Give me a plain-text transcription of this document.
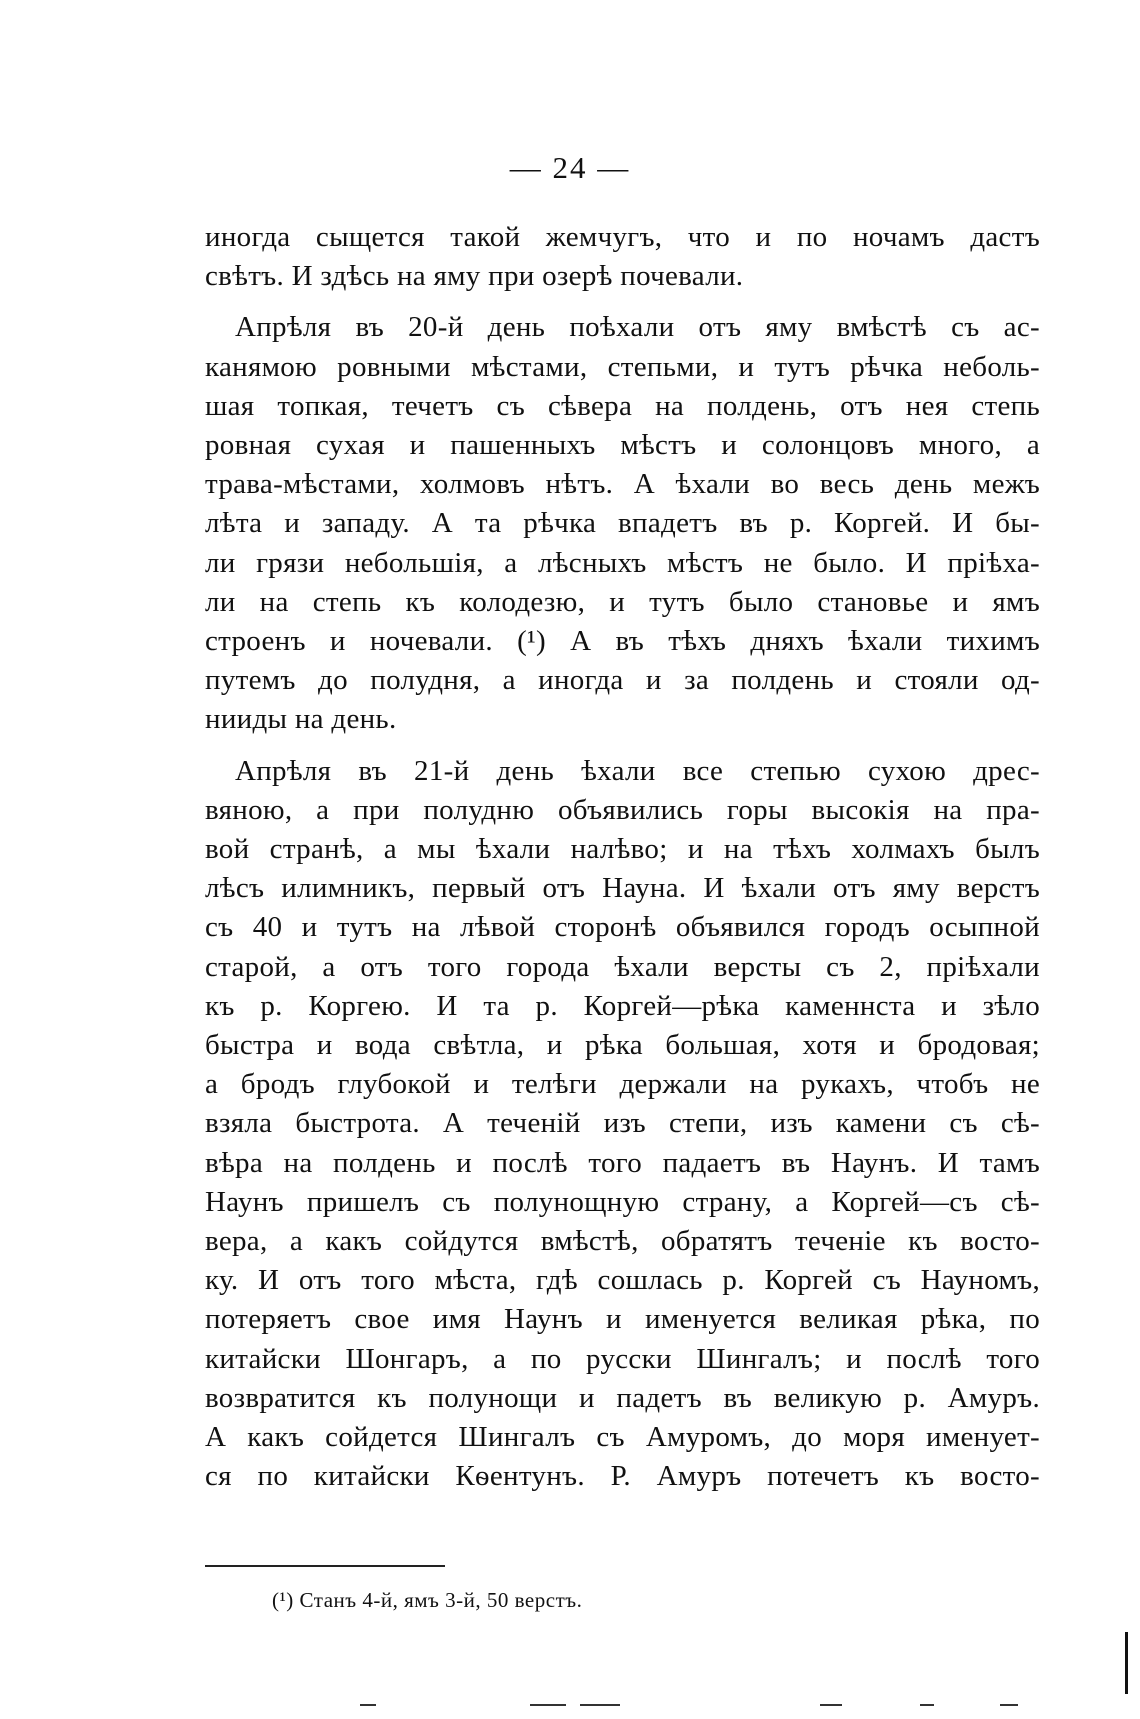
— 24 —
иногда сыщется такой жемчугъ, что и по ночамъ дастъ
свѣтъ. И здѣсь на яму при озерѣ почевали.
Апрѣля въ 20-й день поѣхали отъ яму вмѣстѣ съ ас-
канямою ровными мѣстами, степьми, и тутъ рѣчка неболь-
шая топкая, течетъ съ сѣвера на полдень, отъ нея степь
ровная сухая и пашенныхъ мѣстъ и солонцовъ много, а
трава-мѣстами, холмовъ нѣтъ. А ѣхали во весь день межъ
лѣта и западу. А та рѣчка впадетъ въ р. Коргей. И бы-
ли грязи небольшія, а лѣсныхъ мѣстъ не было. И пріѣха-
ли на степь къ колодезю, и тутъ было становье и ямъ
строенъ и ночевали. (¹) А въ тѣхъ дняхъ ѣхали тихимъ
путемъ до полудня, а иногда и за полдень и стояли од-
нииды на день.
Апрѣля въ 21-й день ѣхали все степью сухою дрес-
вяною, а при полудню объявились горы высокія на пра-
вой странѣ, а мы ѣхали налѣво; и на тѣхъ холмахъ былъ
лѣсъ илимникъ, первый отъ Науна. И ѣхали отъ яму верстъ
съ 40 и тутъ на лѣвой сторонѣ объявился городъ осыпной
старой, а отъ того города ѣхали версты съ 2, пріѣхали
къ р. Коргею. И та р. Коргей—рѣка каменнста и зѣло
быстра и вода свѣтла, и рѣка большая, хотя и бродовая;
а бродъ глубокой и телѣги держали на рукахъ, чтобъ не
взяла быстрота. А теченій изъ степи, изъ камени съ сѣ-
вѣра на полдень и послѣ того падаетъ въ Наунъ. И тамъ
Наунъ пришелъ съ полунощную страну, а Коргей—съ сѣ-
вера, а какъ сойдутся вмѣстѣ, обратятъ теченіе къ восто-
ку. И отъ того мѣста, гдѣ сошлась р. Коргей съ Науномъ,
потеряетъ свое имя Наунъ и именуется великая рѣка, по
китайски Шонгаръ, а по русски Шингалъ; и послѣ того
возвратится къ полунощи и падетъ въ великую р. Амуръ.
А какъ сойдется Шингалъ съ Амуромъ, до моря именует-
ся по китайски Кѳентунъ. Р. Амуръ потечетъ къ восто-
(¹) Станъ 4-й, ямъ 3-й, 50 верстъ.
